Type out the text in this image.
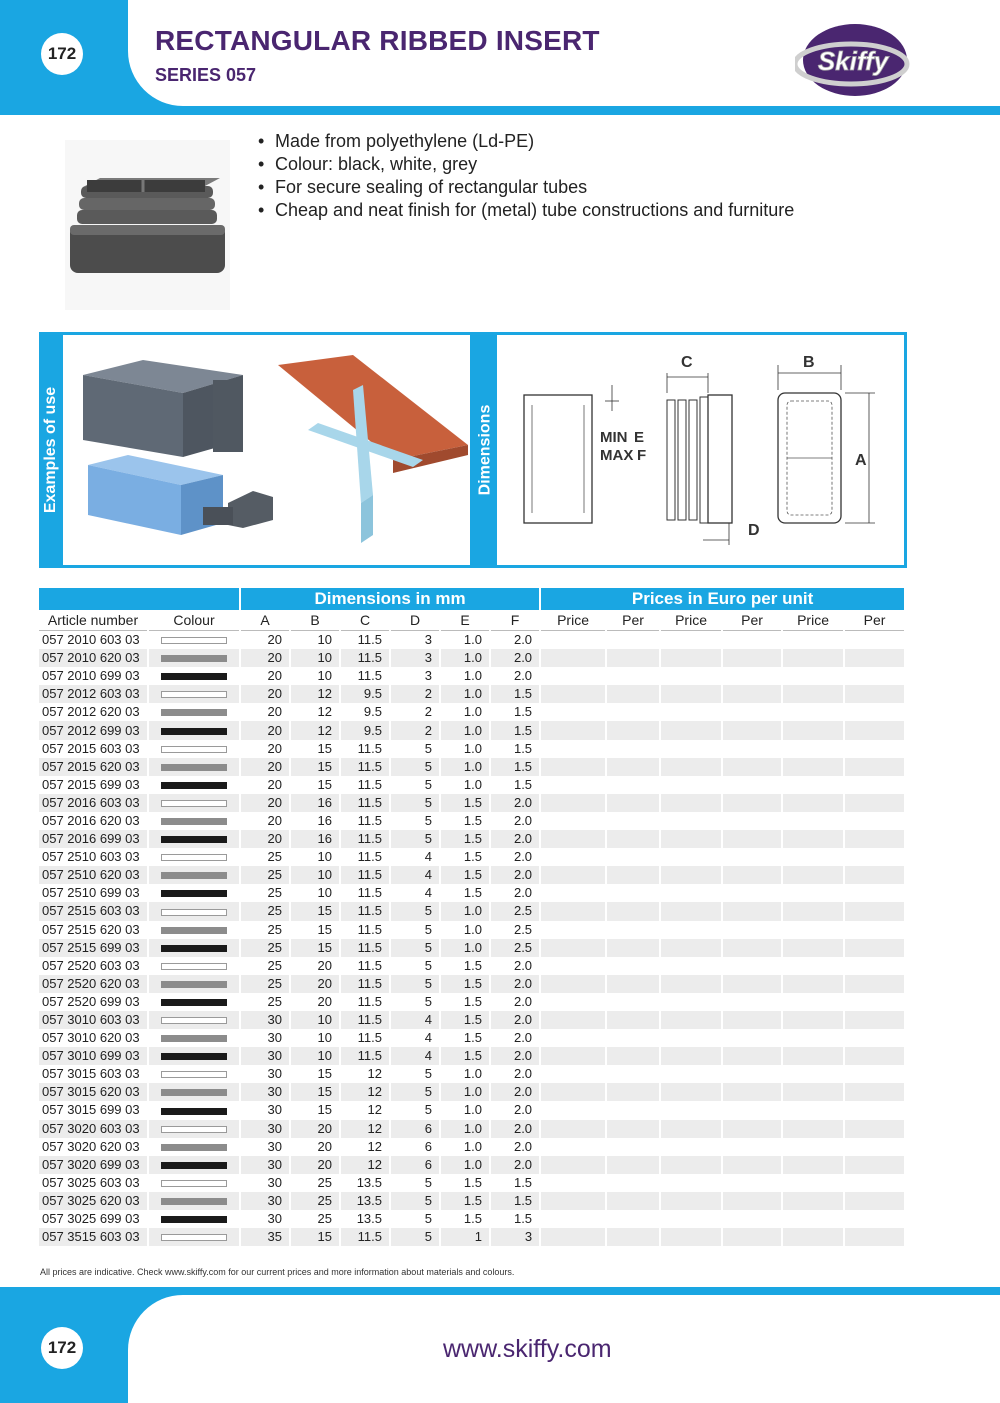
172	RECTANGULAR RIBBED INSERT
SERIES 057	Skiffy
• Made from polyethylene (Ld-PE)
• Colour: black, white, grey
• For secure sealing of rectangular tubes
• Cheap and neat finish for (metal) tube constructions and furniture
Examples of use	Dimensions	MIN E
MAX F
C
D
B
A
		Dimensions in mm						Prices in Euro per unit					
Article number	Colour	A	B	C	D	E	F	Price	Per	Price	Per	Price	Per
057 2010 603 03		20	10	11.5	3	1.0	2.0						
057 2010 620 03		20	10	11.5	3	1.0	2.0						
057 2010 699 03		20	10	11.5	3	1.0	2.0						
057 2012 603 03		20	12	9.5	2	1.0	1.5						
057 2012 620 03		20	12	9.5	2	1.0	1.5						
057 2012 699 03		20	12	9.5	2	1.0	1.5						
057 2015 603 03		20	15	11.5	5	1.0	1.5						
057 2015 620 03		20	15	11.5	5	1.0	1.5						
057 2015 699 03		20	15	11.5	5	1.0	1.5						
057 2016 603 03		20	16	11.5	5	1.5	2.0						
057 2016 620 03		20	16	11.5	5	1.5	2.0						
057 2016 699 03		20	16	11.5	5	1.5	2.0						
057 2510 603 03		25	10	11.5	4	1.5	2.0						
057 2510 620 03		25	10	11.5	4	1.5	2.0						
057 2510 699 03		25	10	11.5	4	1.5	2.0						
057 2515 603 03		25	15	11.5	5	1.0	2.5						
057 2515 620 03		25	15	11.5	5	1.0	2.5						
057 2515 699 03		25	15	11.5	5	1.0	2.5						
057 2520 603 03		25	20	11.5	5	1.5	2.0						
057 2520 620 03		25	20	11.5	5	1.5	2.0						
057 2520 699 03		25	20	11.5	5	1.5	2.0						
057 3010 603 03		30	10	11.5	4	1.5	2.0						
057 3010 620 03		30	10	11.5	4	1.5	2.0						
057 3010 699 03		30	10	11.5	4	1.5	2.0						
057 3015 603 03		30	15	12	5	1.0	2.0						
057 3015 620 03		30	15	12	5	1.0	2.0						
057 3015 699 03		30	15	12	5	1.0	2.0						
057 3020 603 03		30	20	12	6	1.0	2.0						
057 3020 620 03		30	20	12	6	1.0	2.0						
057 3020 699 03		30	20	12	6	1.0	2.0						
057 3025 603 03		30	25	13.5	5	1.5	1.5						
057 3025 620 03		30	25	13.5	5	1.5	1.5						
057 3025 699 03		30	25	13.5	5	1.5	1.5						
057 3515 603 03		35	15	11.5	5	1	3						
All prices are indicative. Check www.skiffy.com for our current prices and more information about materials and colours.
172	www.skiffy.com
